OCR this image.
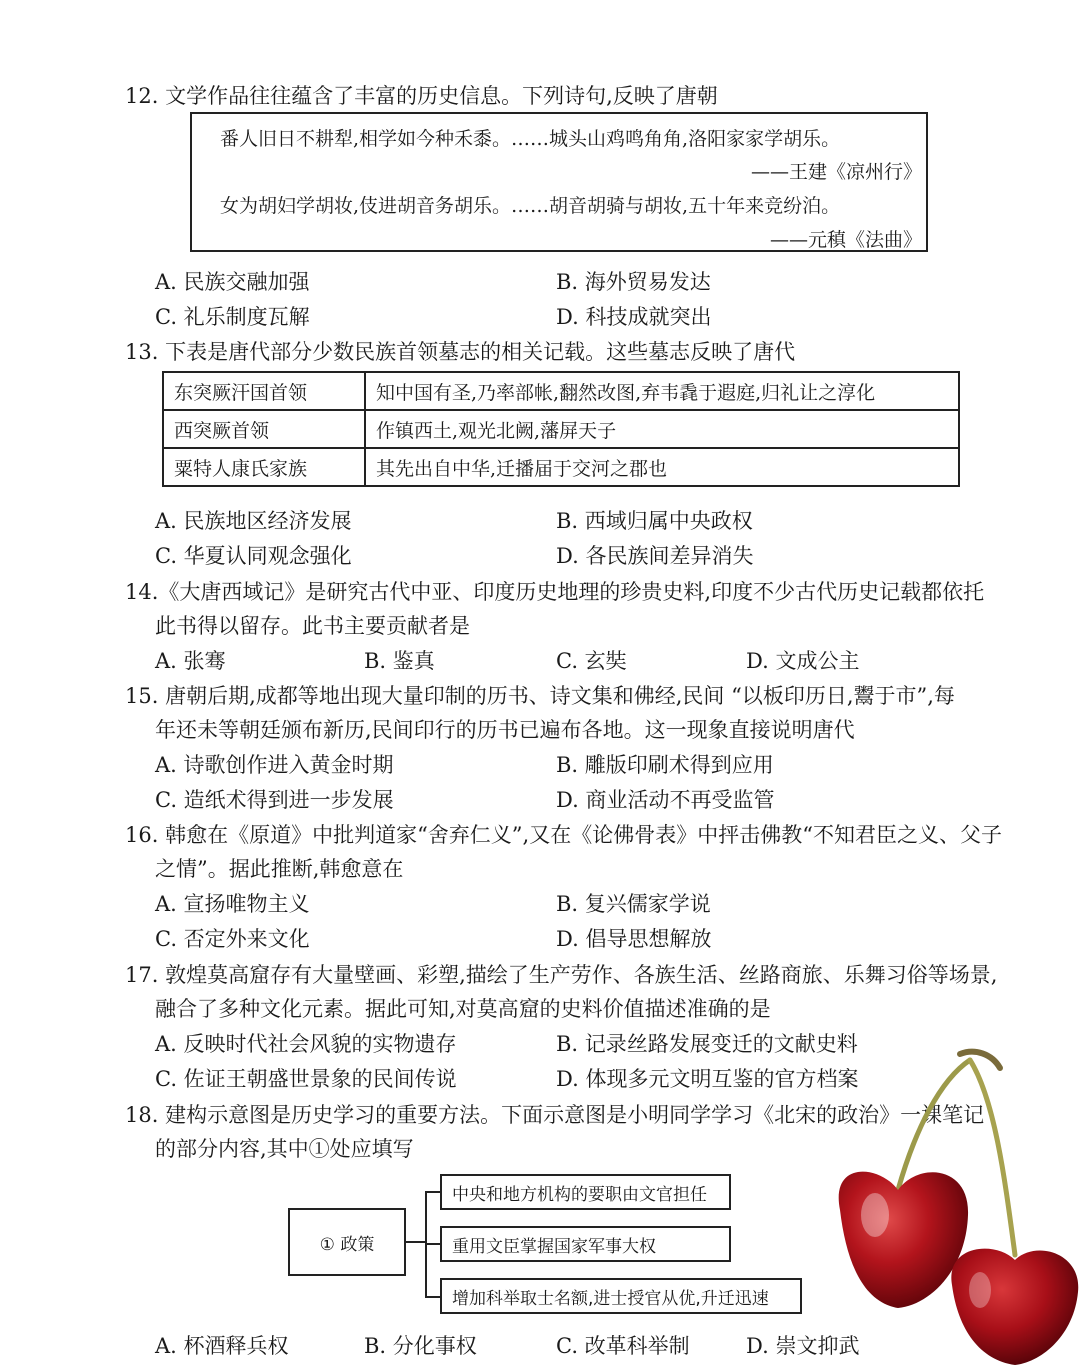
12. 文学作品往往蕴含了丰富的历史信息。下列诗句,反映了唐朝
番人旧日不耕犁,相学如今种禾黍。……城头山鸡鸣角角,洛阳家家学胡乐。
——王建《凉州行》
女为胡妇学胡妆,伎进胡音务胡乐。……胡音胡骑与胡妆,五十年来竞纷泊。
——元稹《法曲》
A. 民族交融加强	B. 海外贸易发达
C. 礼乐制度瓦解	D. 科技成就突出
13. 下表是唐代部分少数民族首领墓志的相关记载。这些墓志反映了唐代
东突厥汗国首领	知中国有圣,乃率部帐,翻然改图,弃韦毳于遐庭,归礼让之淳化
西突厥首领	作镇西土,观光北阙,藩屏天子
粟特人康氏家族	其先出自中华,迁播届于交河之郡也
A. 民族地区经济发展	B. 西域归属中央政权
C. 华夏认同观念强化	D. 各民族间差异消失
14.《大唐西域记》是研究古代中亚、印度历史地理的珍贵史料,印度不少古代历史记载都依托
此书得以留存。此书主要贡献者是
A. 张骞	B. 鉴真	C. 玄奘	D. 文成公主
15. 唐朝后期,成都等地出现大量印制的历书、诗文集和佛经,民间 “以板印历日,鬻于市”,每
年还未等朝廷颁布新历,民间印行的历书已遍布各地。这一现象直接说明唐代
A. 诗歌创作进入黄金时期	B. 雕版印刷术得到应用
C. 造纸术得到进一步发展	D. 商业活动不再受监管
16. 韩愈在《原道》中批判道家“舍弃仁义”,又在《论佛骨表》中抨击佛教“不知君臣之义、父子
之情”。据此推断,韩愈意在
A. 宣扬唯物主义	B. 复兴儒家学说
C. 否定外来文化	D. 倡导思想解放
17. 敦煌莫高窟存有大量壁画、彩塑,描绘了生产劳作、各族生活、丝路商旅、乐舞习俗等场景,
融合了多种文化元素。据此可知,对莫高窟的史料价值描述准确的是
A. 反映时代社会风貌的实物遗存	B. 记录丝路发展变迁的文献史料
C. 佐证王朝盛世景象的民间传说	D. 体现多元文明互鉴的官方档案
18. 建构示意图是历史学习的重要方法。下面示意图是小明同学学习《北宋的政治》一课笔记
的部分内容,其中①处应填写
① 政策
中央和地方机构的要职由文官担任
重用文臣掌握国家军事大权
增加科举取士名额,进士授官从优,升迁迅速
A. 杯酒释兵权	B. 分化事权	C. 改革科举制	D. 崇文抑武
